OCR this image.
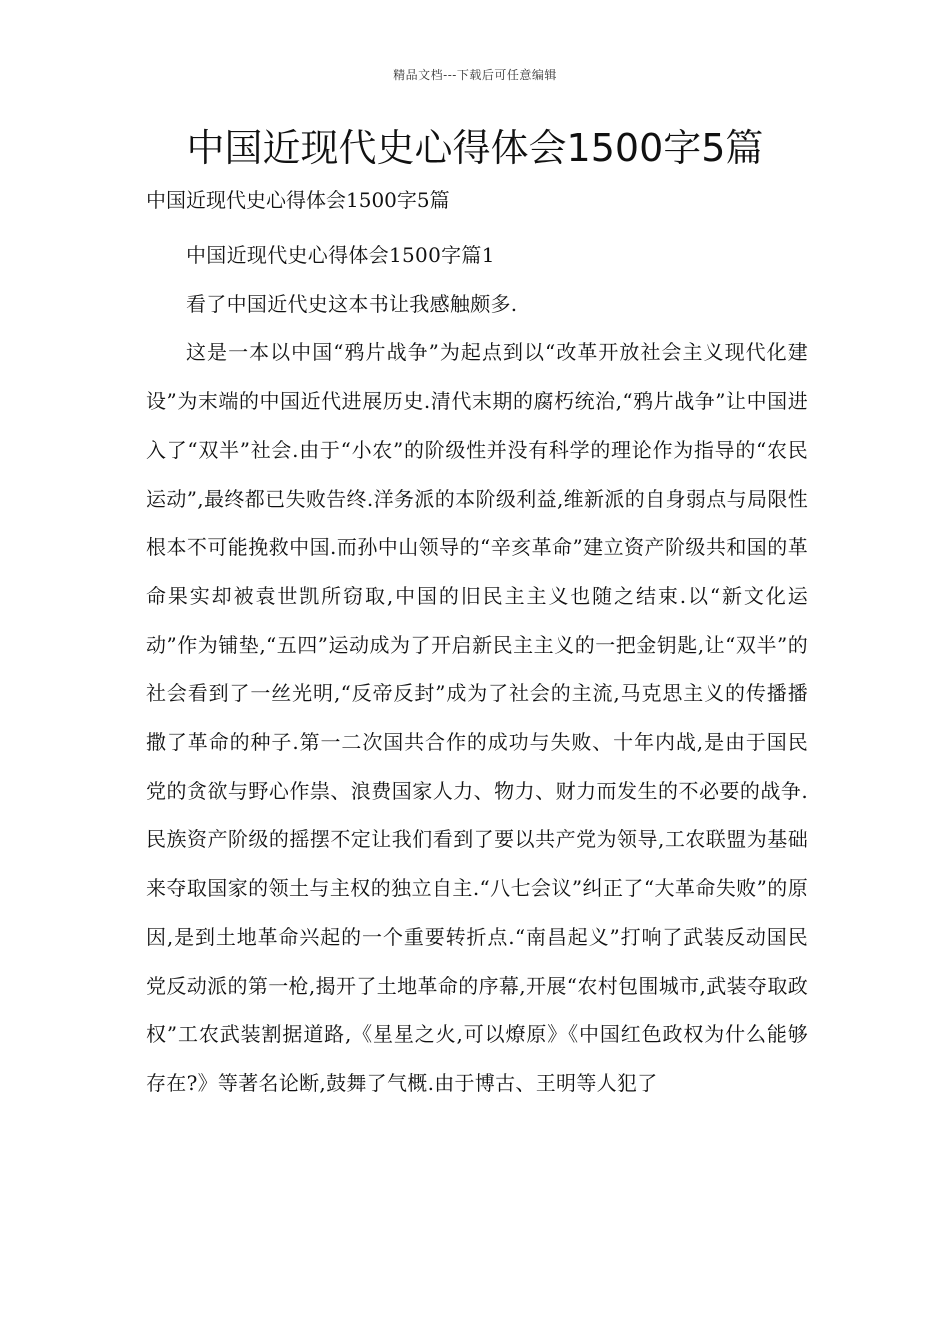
精品文档---下载后可任意编辑
中国近现代史心得体会1500字5篇

中国近现代史心得体会1500字5篇

中国近现代史心得体会1500字篇1

看了中国近代史这本书让我感触颇多.

这是一本以中国“鸦片战争”为起点到以“改革开放社会主义现代化建设”为末端的中国近代进展历史.清代末期的腐朽统治,“鸦片战争”让中国进入了“双半”社会.由于“小农”的阶级性并没有科学的理论作为指导的“农民运动”,最终都已失败告终.洋务派的本阶级利益,维新派的自身弱点与局限性根本不可能挽救中国.而孙中山领导的“辛亥革命”建立资产阶级共和国的革命果实却被袁世凯所窃取,中国的旧民主主义也随之结束.以“新文化运动”作为铺垫,“五四”运动成为了开启新民主主义的一把金钥匙,让“双半”的社会看到了一丝光明,“反帝反封”成为了社会的主流,马克思主义的传播播撒了革命的种子.第一二次国共合作的成功与失败、十年内战,是由于国民党的贪欲与野心作祟、浪费国家人力、物力、财力而发生的不必要的战争.民族资产阶级的摇摆不定让我们看到了要以共产党为领导,工农联盟为基础来夺取国家的领土与主权的独立自主.“八七会议”纠正了“大革命失败”的原因,是到土地革命兴起的一个重要转折点.“南昌起义”打响了武装反动国民党反动派的第一枪,揭开了土地革命的序幕,开展“农村包围城市,武装夺取政权”工农武装割据道路,《星星之火,可以燎原》《中国红色政权为什么能够存在?》等著名论断,鼓舞了气概.由于博古、王明等人犯了
